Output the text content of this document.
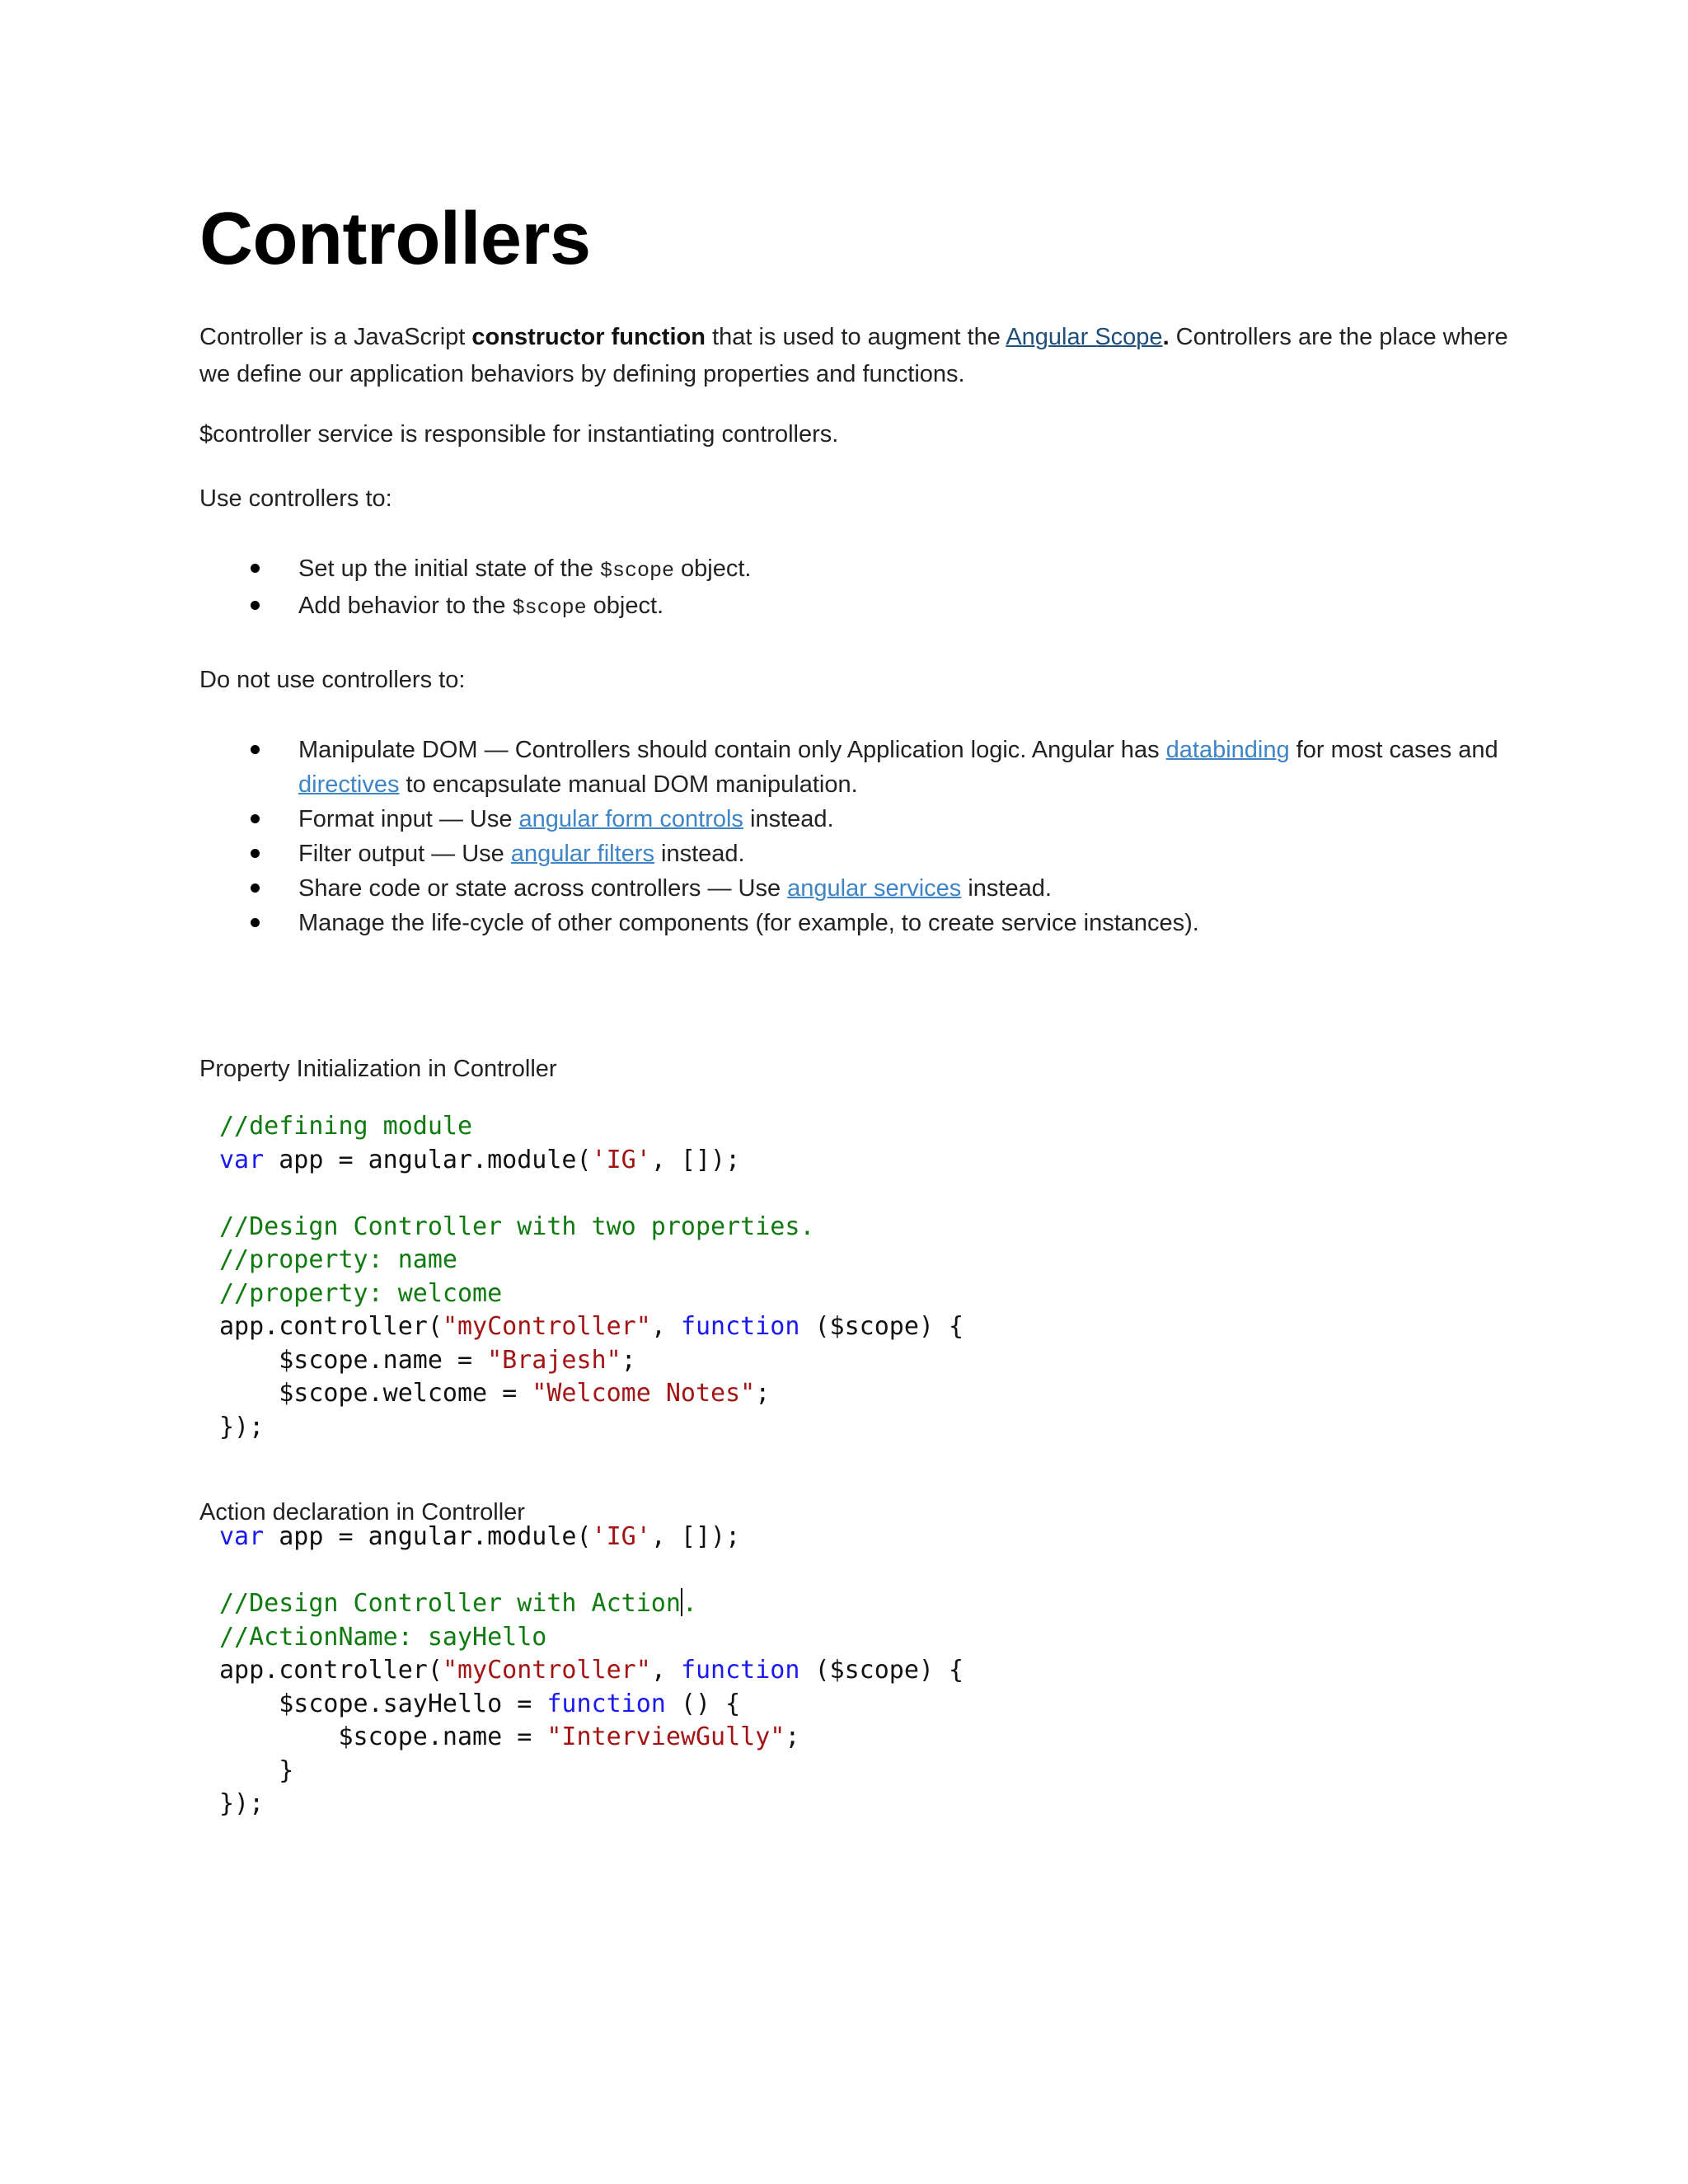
Controllers

Controller is a JavaScript constructor function that is used to augment the Angular Scope. Controllers are the place where we define our application behaviors by defining properties and functions.

$controller service is responsible for instantiating controllers.

Use controllers to:

Set up the initial state of the $scope object.
Add behavior to the $scope object.

Do not use controllers to:

Manipulate DOM — Controllers should contain only Application logic. Angular has databinding for most cases and directives to encapsulate manual DOM manipulation.
Format input — Use angular form controls instead.
Filter output — Use angular filters instead.
Share code or state across controllers — Use angular services instead.
Manage the life-cycle of other components (for example, to create service instances).

Property Initialization in Controller

//defining module
var app = angular.module('IG', []);

//Design Controller with two properties.
//property: name
//property: welcome
app.controller("myController", function ($scope) {
$scope.name = "Brajesh";
$scope.welcome = "Welcome Notes";
});

Action declaration in Controller

var app = angular.module('IG', []);

//Design Controller with Action.
//ActionName: sayHello
app.controller("myController", function ($scope) {
$scope.sayHello = function () {
$scope.name = "InterviewGully";
}
});
